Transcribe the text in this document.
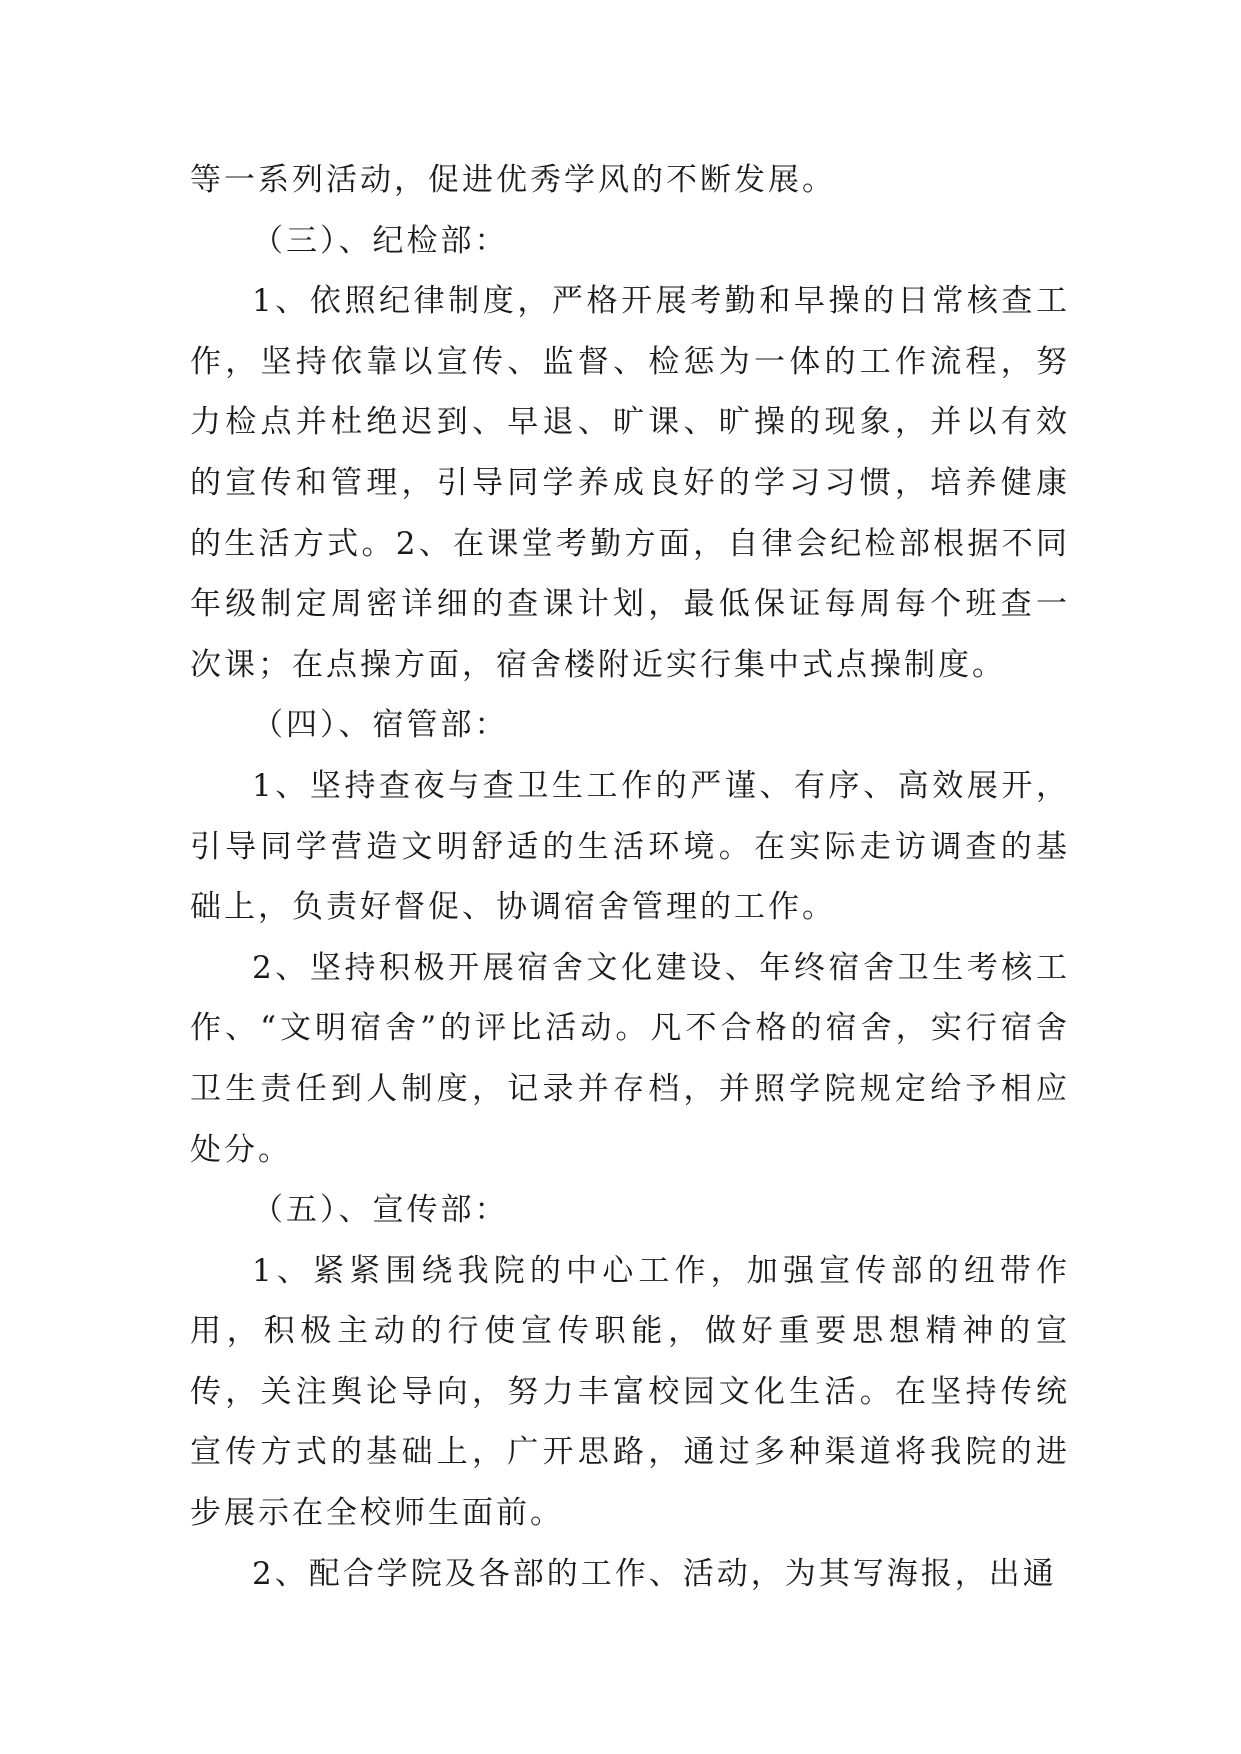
等一系列活动，促进优秀学风的不断发展。

（三）、纪检部：

1、依照纪律制度，严格开展考勤和早操的日常核查工作，坚持依靠以宣传、监督、检惩为一体的工作流程，努力检点并杜绝迟到、早退、旷课、旷操的现象，并以有效的宣传和管理，引导同学养成良好的学习习惯，培养健康的生活方式。2、在课堂考勤方面，自律会纪检部根据不同年级制定周密详细的查课计划，最低保证每周每个班查一次课；在点操方面，宿舍楼附近实行集中式点操制度。

（四）、宿管部：

1、坚持查夜与查卫生工作的严谨、有序、高效展开，引导同学营造文明舒适的生活环境。在实际走访调查的基础上，负责好督促、协调宿舍管理的工作。

2、坚持积极开展宿舍文化建设、年终宿舍卫生考核工作、“文明宿舍”的评比活动。凡不合格的宿舍，实行宿舍卫生责任到人制度，记录并存档，并照学院规定给予相应处分。

（五）、宣传部：

1、紧紧围绕我院的中心工作，加强宣传部的纽带作用，积极主动的行使宣传职能，做好重要思想精神的宣传，关注舆论导向，努力丰富校园文化生活。在坚持传统宣传方式的基础上，广开思路，通过多种渠道将我院的进步展示在全校师生面前。

2、配合学院及各部的工作、活动，为其写海报，出通
